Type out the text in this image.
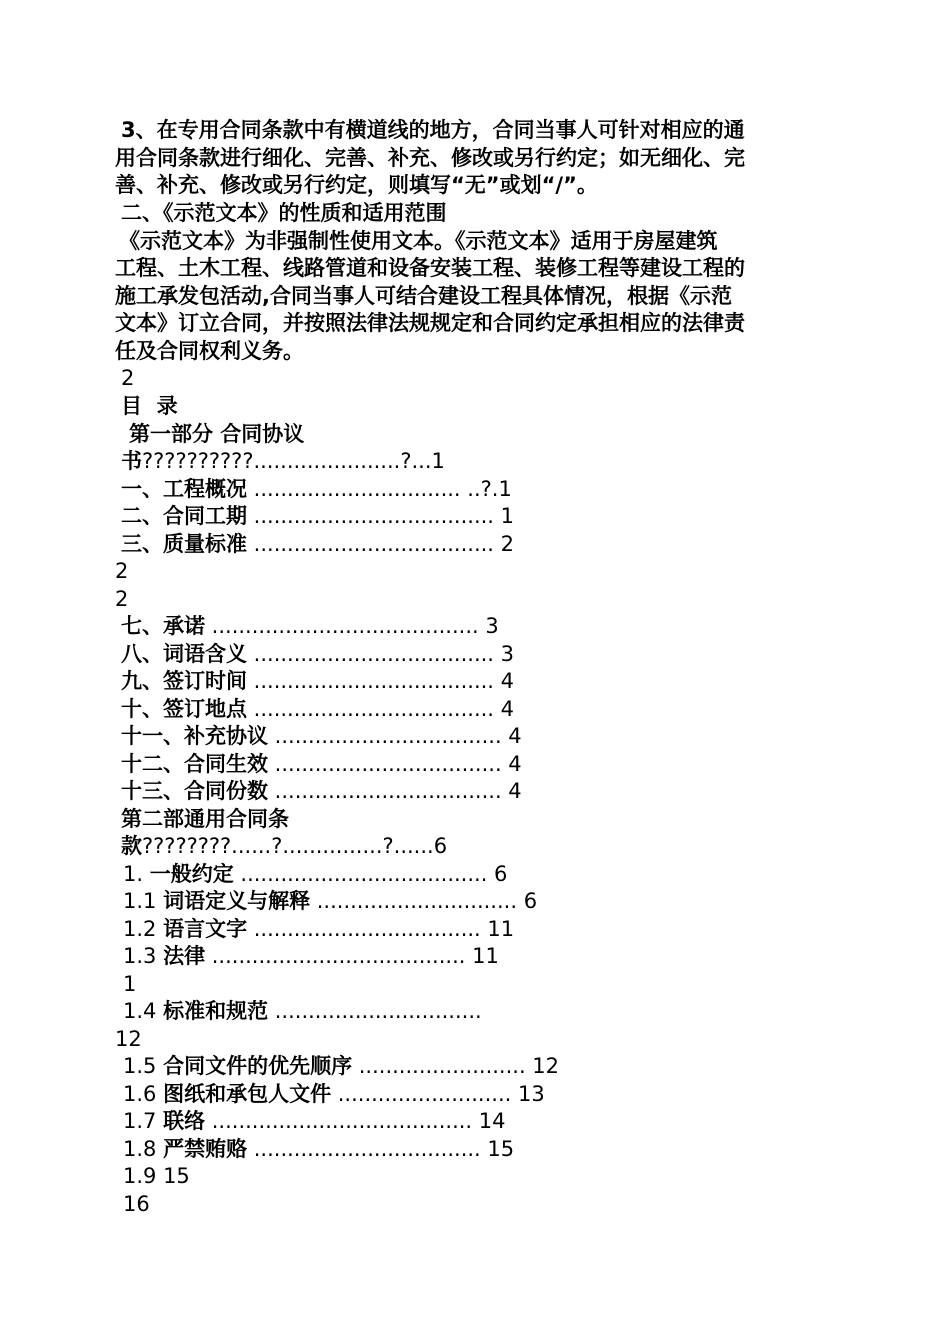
3、在专用合同条款中有横道线的地方，合同当事人可针对相应的通
用合同条款进行细化、完善、补充、修改或另行约定；如无细化、完
善、补充、修改或另行约定，则填写“无”或划“/”。
二、《示范文本》的性质和适用范围
《示范文本》为非强制性使用文本。《示范文本》适用于房屋建筑
工程、土木工程、线路管道和设备安装工程、装修工程等建设工程的
施工承发包活动,合同当事人可结合建设工程具体情况，根据《示范
文本》订立合同，并按照法律法规规定和合同约定承担相应的法律责
任及合同权利义务。
2
目  录
第一部分 合同协议
书??????????......................?...1
一、工程概况 ............................... ..?.1
二、合同工期 .................................... 1
三、质量标准 .................................... 2
2
2
七、承诺 ........................................ 3
八、词语含义 .................................... 3
九、签订时间 .................................... 4
十、签订地点 .................................... 4
十一、补充协议 .................................. 4
十二、合同生效 .................................. 4
十三、合同份数 .................................. 4
第二部通用合同条
款????????......?...............?......6
1. 一般约定 ..................................... 6
1.1 词语定义与解释 .............................. 6
1.2 语言文字 .................................. 11
1.3 法律 ...................................... 11
1
1.4 标准和规范 ...............................
12
1.5 合同文件的优先顺序 ......................... 12
1.6 图纸和承包人文件 .......................... 13
1.7 联络 ....................................... 14
1.8 严禁贿赂 .................................. 15
1.9 15
16
